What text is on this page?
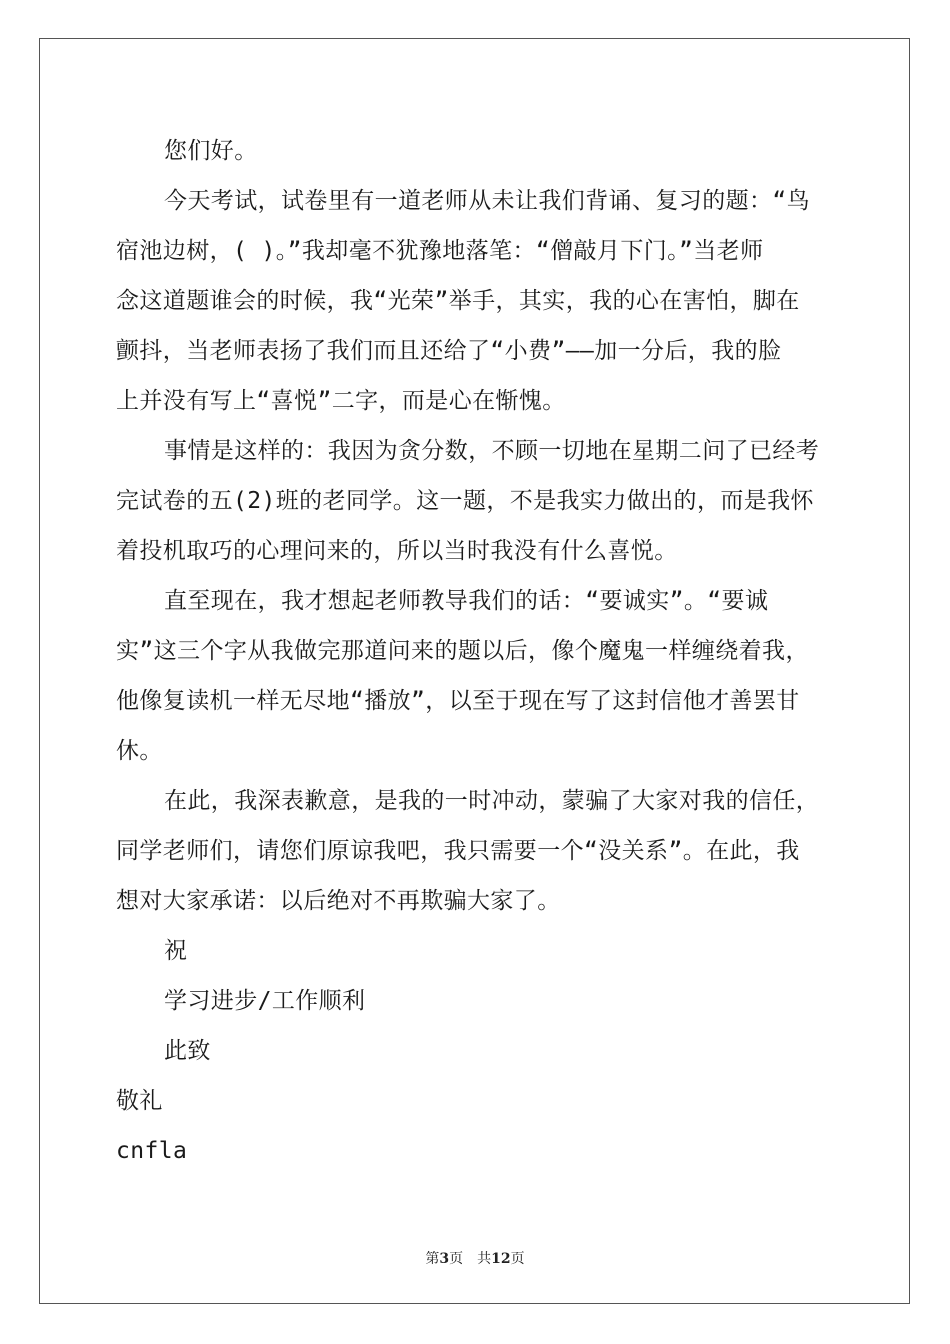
您们好。
今天考试，试卷里有一道老师从未让我们背诵、复习的题：“鸟
宿池边树，( )。”我却毫不犹豫地落笔：“僧敲月下门。”当老师
念这道题谁会的时候，我“光荣”举手，其实，我的心在害怕，脚在
颤抖，当老师表扬了我们而且还给了“小费”——加一分后，我的脸
上并没有写上“喜悦”二字，而是心在惭愧。
事情是这样的：我因为贪分数，不顾一切地在星期二问了已经考
完试卷的五(2)班的老同学。这一题，不是我实力做出的，而是我怀
着投机取巧的心理问来的，所以当时我没有什么喜悦。
直至现在，我才想起老师教导我们的话：“要诚实”。“要诚
实”这三个字从我做完那道问来的题以后，像个魔鬼一样缠绕着我，
他像复读机一样无尽地“播放”，以至于现在写了这封信他才善罢甘
休。
在此，我深表歉意，是我的一时冲动，蒙骗了大家对我的信任，
同学老师们，请您们原谅我吧，我只需要一个“没关系”。在此，我
想对大家承诺：以后绝对不再欺骗大家了。
祝
学习进步/工作顺利
此致
敬礼
cnfla
第3页 共12页
